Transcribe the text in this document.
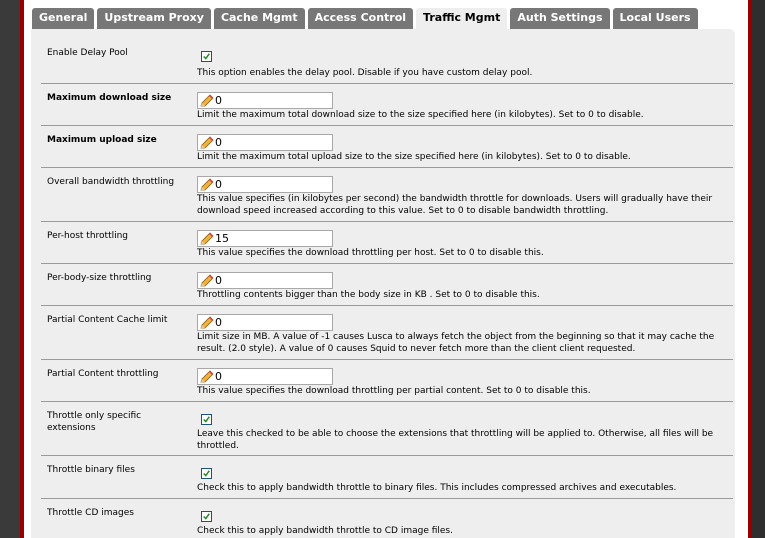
General	Upstream Proxy	Cache Mgmt	Access Control	Traffic Mgmt	Auth Settings	Local Users
Enable Delay Pool
This option enables the delay pool. Disable if you have custom delay pool.
Maximum download size
0
Limit the maximum total download size to the size specified here (in kilobytes). Set to 0 to disable.
Maximum upload size
0
Limit the maximum total upload size to the size specified here (in kilobytes). Set to 0 to disable.
Overall bandwidth throttling
0
This value specifies (in kilobytes per second) the bandwidth throttle for downloads. Users will gradually have their download speed increased according to this value. Set to 0 to disable bandwidth throttling.
Per-host throttling
15
This value specifies the download throttling per host. Set to 0 to disable this.
Per-body-size throttling
0
Throttling contents bigger than the body size in KB . Set to 0 to disable this.
Partial Content Cache limit
0
Limit size in MB. A value of -1 causes Lusca to always fetch the object from the beginning so that it may cache the result. (2.0 style). A value of 0 causes Squid to never fetch more than the client client requested.
Partial Content throttling
0
This value specifies the download throttling per partial content. Set to 0 to disable this.
Throttle only specific extensions
Leave this checked to be able to choose the extensions that throttling will be applied to. Otherwise, all files will be throttled.
Throttle binary files
Check this to apply bandwidth throttle to binary files. This includes compressed archives and executables.
Throttle CD images
Check this to apply bandwidth throttle to CD image files.
